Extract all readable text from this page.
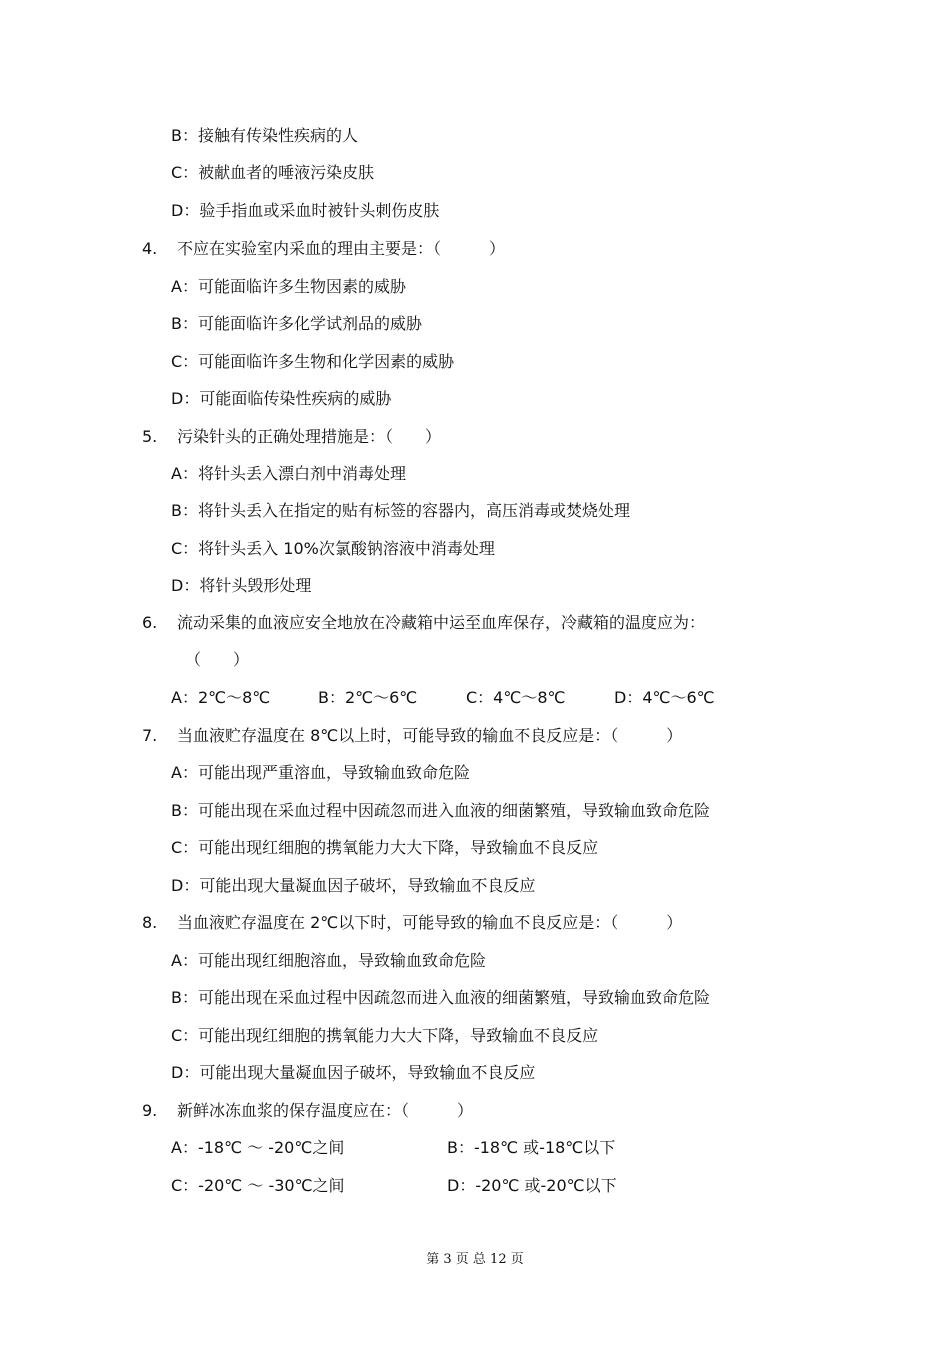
B：接触有传染性疾病的人
C：被献血者的唾液污染皮肤
D：验手指血或采血时被针头刺伤皮肤
4. 不应在实验室内采血的理由主要是：（　　　）
A：可能面临许多生物因素的威胁
B：可能面临许多化学试剂品的威胁
C：可能面临许多生物和化学因素的威胁
D：可能面临传染性疾病的威胁
5. 污染针头的正确处理措施是：（　　）
A：将针头丢入漂白剂中消毒处理
B：将针头丢入在指定的贴有标签的容器内，高压消毒或焚烧处理
C：将针头丢入 10%次氯酸钠溶液中消毒处理
D：将针头毁形处理
6. 流动采集的血液应安全地放在冷藏箱中运至血库保存，冷藏箱的温度应为：
（　　）
A：2℃～8℃	B：2℃～6℃	C：4℃～8℃	D：4℃～6℃
7. 当血液贮存温度在 8℃以上时，可能导致的输血不良反应是：（　　　）
A：可能出现严重溶血，导致输血致命危险
B：可能出现在采血过程中因疏忽而进入血液的细菌繁殖，导致输血致命危险
C：可能出现红细胞的携氧能力大大下降，导致输血不良反应
D：可能出现大量凝血因子破坏，导致输血不良反应
8. 当血液贮存温度在 2℃以下时，可能导致的输血不良反应是：（　　　）
A：可能出现红细胞溶血，导致输血致命危险
B：可能出现在采血过程中因疏忽而进入血液的细菌繁殖，导致输血致命危险
C：可能出现红细胞的携氧能力大大下降，导致输血不良反应
D：可能出现大量凝血因子破坏，导致输血不良反应
9. 新鲜冰冻血浆的保存温度应在：（　　　）
A：-18℃ ～ -20℃之间	B：-18℃ 或-18℃以下
C：-20℃ ～ -30℃之间	D：-20℃ 或-20℃以下
第 3 页 总 12 页
